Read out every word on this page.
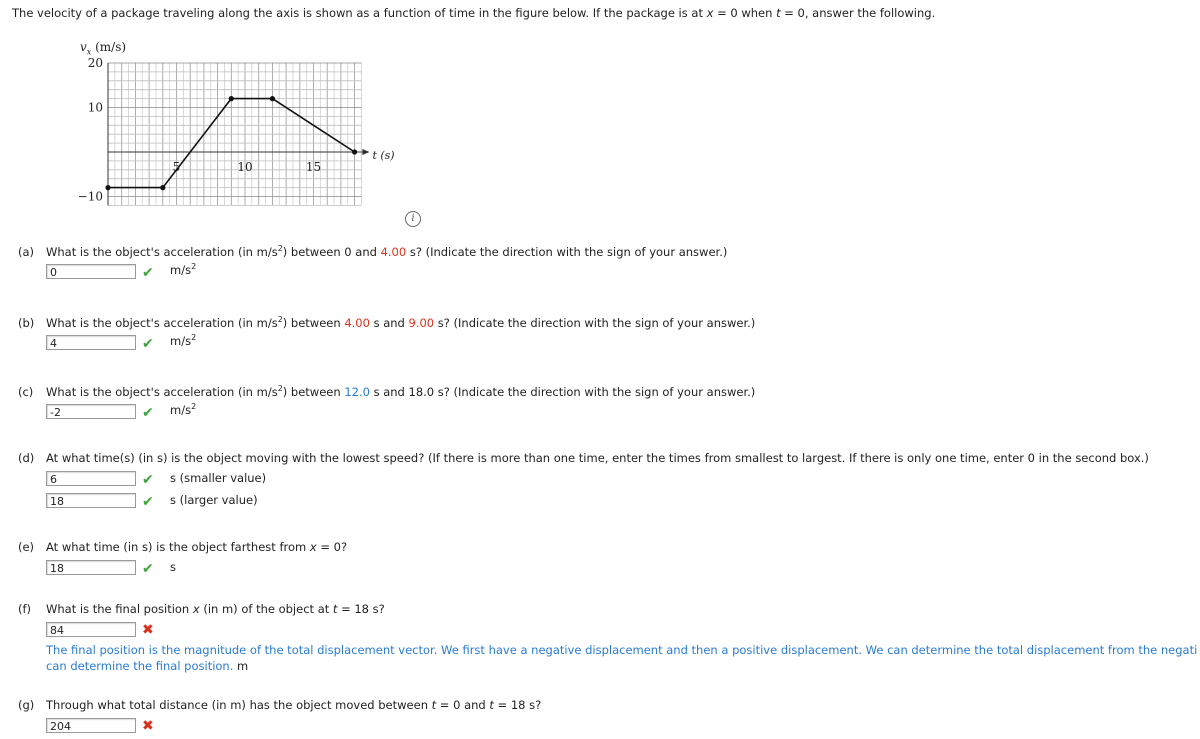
The velocity of a package traveling along the axis is shown as a function of time in the figure below. If the package is at x = 0 when t = 0, answer the following.
$v_x$ (m/s)
20
10
−10
5	10	15
t (s)
i
(a) What is the object's acceleration (in $m/s^2$) between 0 and 4.00 s? (Indicate the direction with the sign of your answer.)
0	✔ $m/s^2$
(b) What is the object's acceleration (in $m/s^2$) between 4.00 s and 9.00 s? (Indicate the direction with the sign of your answer.)
4	✔ $m/s^2$
(c) What is the object's acceleration (in $m/s^2$) between 12.0 s and 18.0 s? (Indicate the direction with the sign of your answer.)
-2	✔ $m/s^2$
(d) At what time(s) (in s) is the object moving with the lowest speed? (If there is more than one time, enter the times from smallest to largest. If there is only one time, enter 0 in the second box.)
6	✔ s (smaller value)
18	✔ s (larger value)
(e) At what time (in s) is the object farthest from x = 0?
18	✔ s
(f) What is the final position x (in m) of the object at t = 18 s?
84	✖
The final position is the magnitude of the total displacement vector. We first have a negative displacement and then a positive displacement. We can determine the total displacement from the negati
can determine the final position. m
(g) Through what total distance (in m) has the object moved between t = 0 and t = 18 s?
204	✖
